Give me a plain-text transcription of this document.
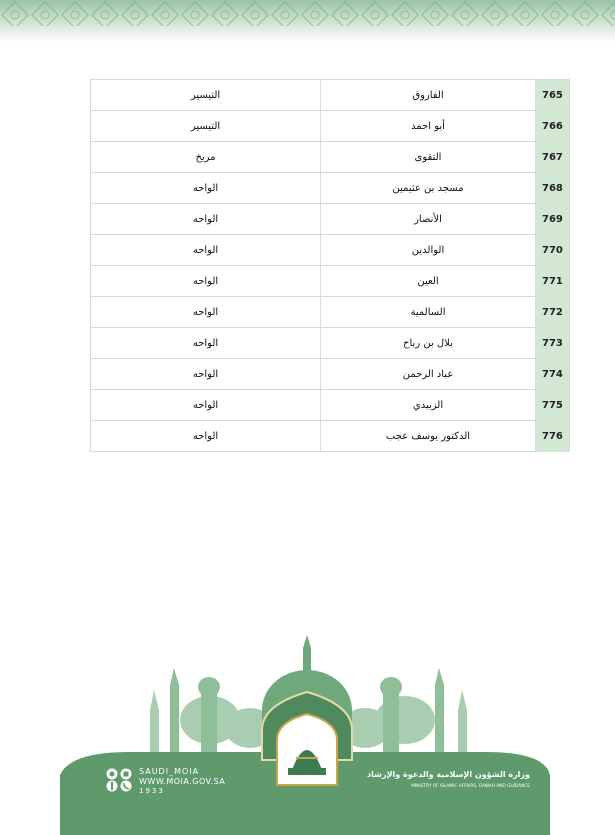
التيسير	الفاروق	765
التيسير	أبو احمد	766
مريخ	التقوى	767
الواحه	مسجد بن عثيمين	768
الواحه	الأنصار	769
الواحه	الوالدين	770
الواحه	العين	771
الواحه	السالمية	772
الواحه	بلال بن رباح	773
الواحه	عباد الرحمن	774
الواحه	الزبيدي	775
الواحه	الدكتور يوسف عجب	776
SAUDI_MOIA
WWW.MOIA.GOV.SA
1933
وزارة الشؤون الإسلامية والدعوة والإرشاد
MINISTRY OF ISLAMIC AFFAIRS, DAWAH AND GUIDANCE
